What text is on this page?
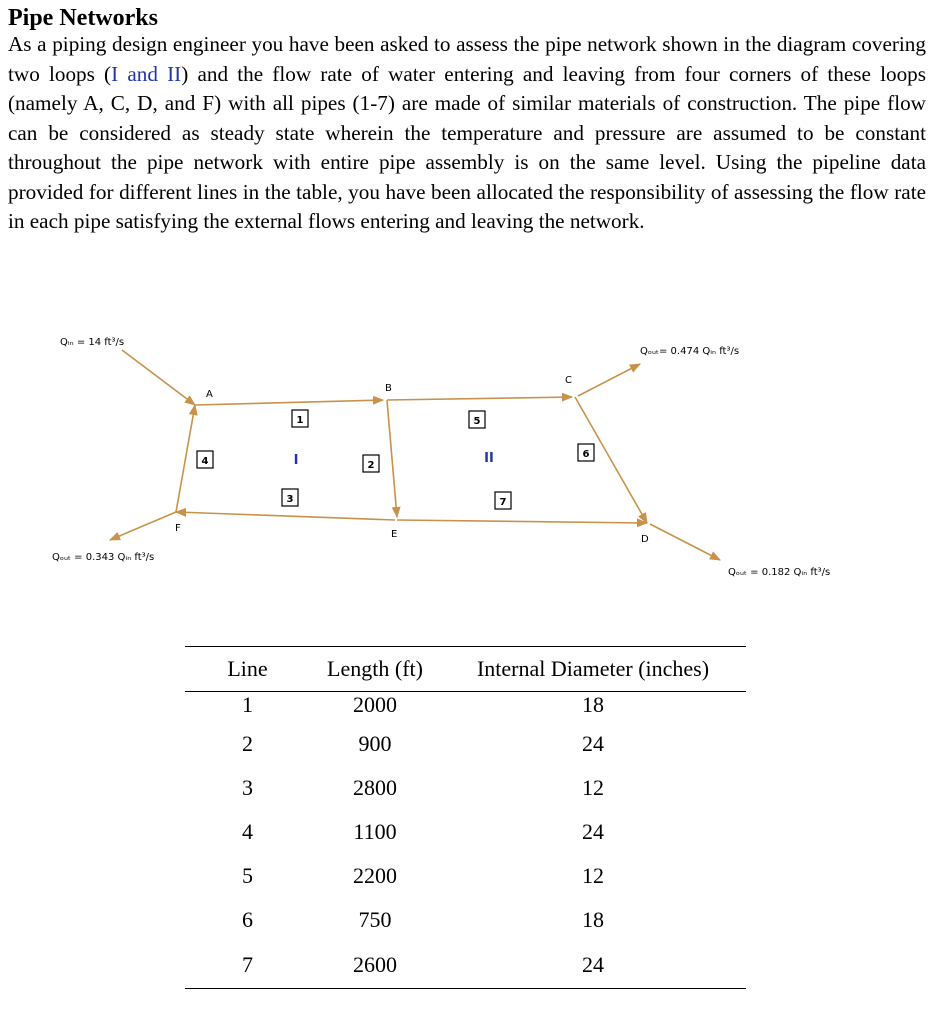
Pipe Networks
As a piping design engineer you have been asked to assess the pipe network shown in the diagram covering two loops (I and II) and the flow rate of water entering and leaving from four corners of these loops (namely A, C, D, and F) with all pipes (1-7) are made of similar materials of construction. The pipe flow can be considered as steady state wherein the temperature and pressure are assumed to be constant throughout the pipe network with entire pipe assembly is on the same level. Using the pipeline data provided for different lines in the table, you have been allocated the responsibility of assessing the flow rate in each pipe satisfying the external flows entering and leaving the network.
A
B
C
D
E
F
1
2
3
4
5
6
7
I	II
Qᵢₙ = 14 ft³/s
Qₒᵤₜ= 0.474 Qᵢₙ ft³/s
Qₒᵤₜ = 0.343 Qᵢₙ ft³/s
Qₒᵤₜ = 0.182 Qᵢₙ ft³/s
Line	Length (ft)	Internal Diameter (inches)
1	2000	18
2	900	24
3	2800	12
4	1100	24
5	2200	12
6	750	18
7	2600	24
